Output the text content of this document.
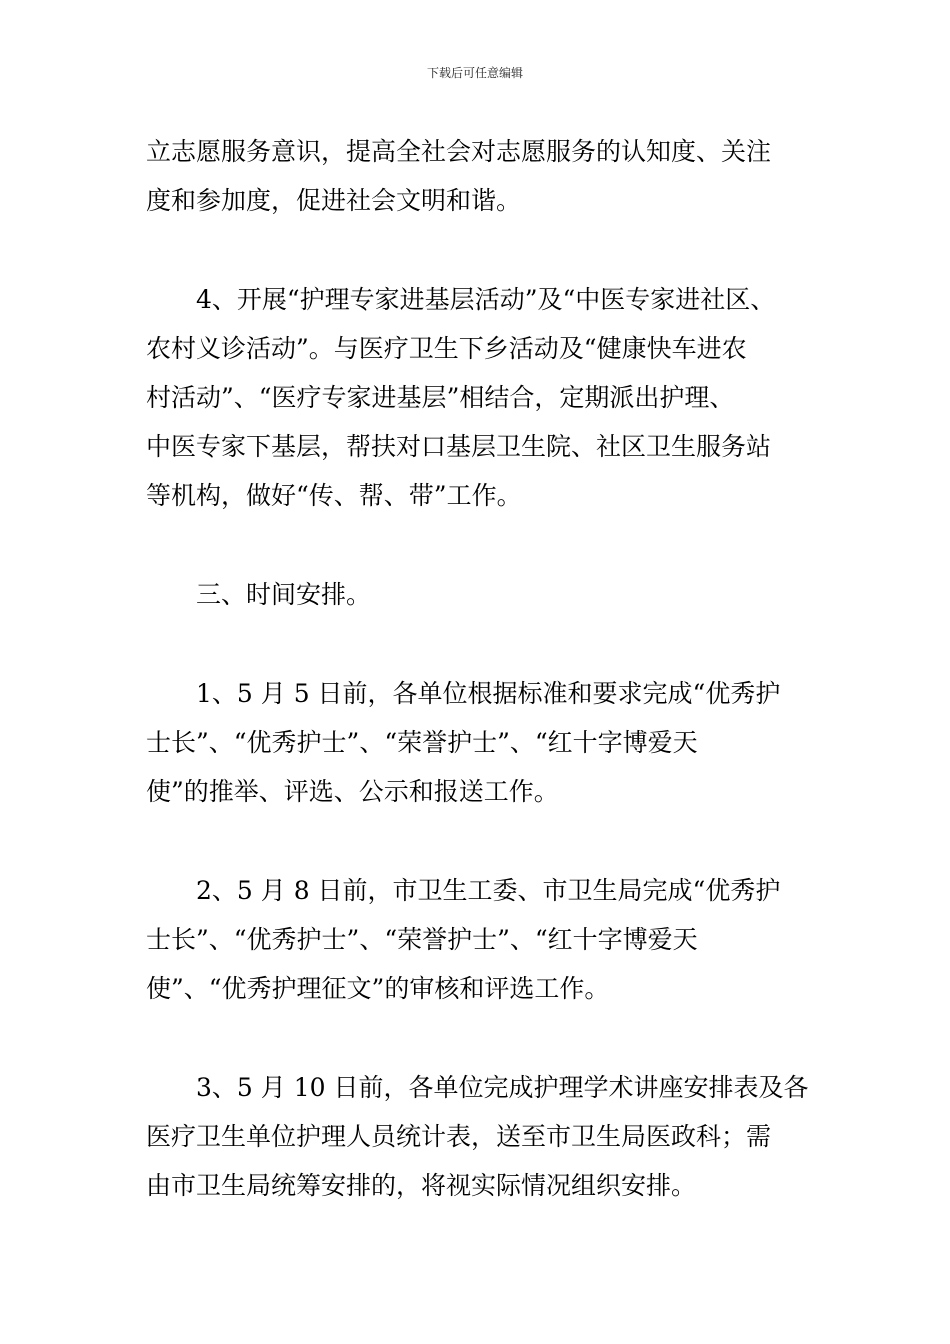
下载后可任意编辑
立志愿服务意识，提高全社会对志愿服务的认知度、关注
度和参加度，促进社会文明和谐。
4、开展“护理专家进基层活动”及“中医专家进社区、
农村义诊活动”。与医疗卫生下乡活动及“健康快车进农
村活动”、“医疗专家进基层”相结合，定期派出护理、
中医专家下基层，帮扶对口基层卫生院、社区卫生服务站
等机构，做好“传、帮、带”工作。
三、时间安排。
1、5 月 5 日前，各单位根据标准和要求完成“优秀护
士长”、“优秀护士”、“荣誉护士”、“红十字博爱天
使”的推举、评选、公示和报送工作。
2、5 月 8 日前，市卫生工委、市卫生局完成“优秀护
士长”、“优秀护士”、“荣誉护士”、“红十字博爱天
使”、“优秀护理征文”的审核和评选工作。
3、5 月 10 日前，各单位完成护理学术讲座安排表及各
医疗卫生单位护理人员统计表，送至市卫生局医政科；需
由市卫生局统筹安排的，将视实际情况组织安排。
